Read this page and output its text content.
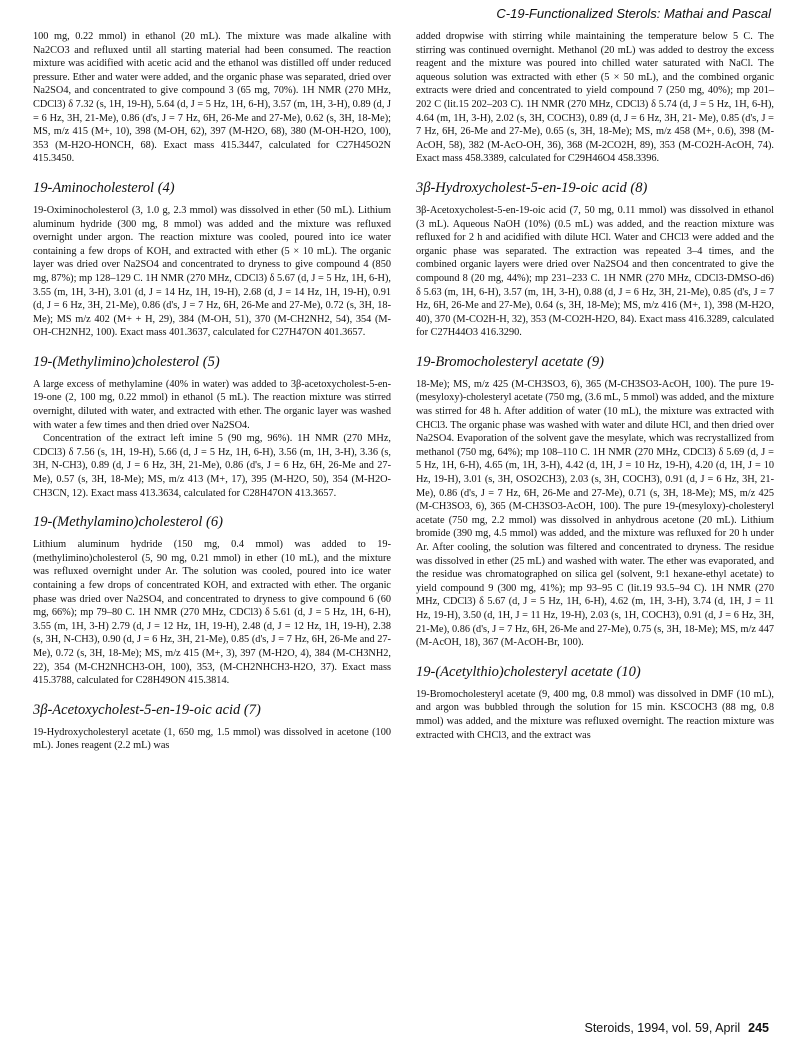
C-19-Functionalized Sterols: Mathai and Pascal

100 mg, 0.22 mmol) in ethanol (20 mL). The mixture was made alkaline with Na2CO3 and refluxed until all starting material had been consumed. The reaction mixture was acidified with acetic acid and the ethanol was distilled off under reduced pressure. Ether and water were added, and the organic phase was separated, dried over Na2SO4, and concentrated to give compound 3 (65 mg, 70%). 1H NMR (270 MHz, CDCl3) δ 7.32 (s, 1H, 19-H), 5.64 (d, J = 5 Hz, 1H, 6-H), 3.57 (m, 1H, 3-H), 0.89 (d, J = 6 Hz, 3H, 21-Me), 0.86 (d's, J = 7 Hz, 6H, 26-Me and 27-Me), 0.62 (s, 3H, 18-Me); MS, m/z 415 (M+, 10), 398 (M-OH, 62), 397 (M-H2O, 68), 380 (M-OH-H2O, 100), 353 (M-H2O-HONCH, 68). Exact mass 415.3447, calculated for C27H45O2N 415.3450.

19-Aminocholesterol (4)

19-Oximinocholesterol (3, 1.0 g, 2.3 mmol) was dissolved in ether (50 mL). Lithium aluminum hydride (300 mg, 8 mmol) was added and the mixture was refluxed overnight under argon. The reaction mixture was cooled, poured into ice water containing a few drops of KOH, and extracted with ether (5 × 10 mL). The organic layer was dried over Na2SO4 and concentrated to dryness to give compound 4 (850 mg, 87%); mp 128–129 C. 1H NMR (270 MHz, CDCl3) δ 5.67 (d, J = 5 Hz, 1H, 6-H), 3.55 (m, 1H, 3-H), 3.01 (d, J = 14 Hz, 1H, 19-H), 2.68 (d, J = 14 Hz, 1H, 19-H), 0.91 (d, J = 6 Hz, 3H, 21-Me), 0.86 (d's, J = 7 Hz, 6H, 26-Me and 27-Me), 0.72 (s, 3H, 18-Me); MS m/z 402 (M+ + H, 29), 384 (M-OH, 51), 370 (M-CH2NH2, 54), 354 (M-OH-CH2NH2, 100). Exact mass 401.3637, calculated for C27H47ON 401.3657.

19-(Methylimino)cholesterol (5)

A large excess of methylamine (40% in water) was added to 3β-acetoxycholest-5-en-19-one (2, 100 mg, 0.22 mmol) in ethanol (5 mL). The reaction mixture was stirred overnight, diluted with water, and extracted with ether. The organic layer was washed with water a few times and then dried over Na2SO4.

Concentration of the extract left imine 5 (90 mg, 96%). 1H NMR (270 MHz, CDCl3) δ 7.56 (s, 1H, 19-H), 5.66 (d, J = 5 Hz, 1H, 6-H), 3.56 (m, 1H, 3-H), 3.36 (s, 3H, N-CH3), 0.89 (d, J = 6 Hz, 3H, 21-Me), 0.86 (d's, J = 6 Hz, 6H, 26-Me and 27-Me), 0.57 (s, 3H, 18-Me); MS, m/z 413 (M+, 17), 395 (M-H2O, 50), 354 (M-H2O- CH3CN, 12). Exact mass 413.3634, calculated for C28H47ON 413.3657.

19-(Methylamino)cholesterol (6)

Lithium aluminum hydride (150 mg, 0.4 mmol) was added to 19-(methylimino)cholesterol (5, 90 mg, 0.21 mmol) in ether (10 mL), and the mixture was refluxed overnight under Ar. The solution was cooled, poured into ice water containing a few drops of concentrated KOH, and extracted with ether. The organic phase was dried over Na2SO4, and concentrated to dryness to give compound 6 (60 mg, 66%); mp 79–80 C. 1H NMR (270 MHz, CDCl3) δ 5.61 (d, J = 5 Hz, 1H, 6-H), 3.55 (m, 1H, 3-H) 2.79 (d, J = 12 Hz, 1H, 19-H), 2.48 (d, J = 12 Hz, 1H, 19-H), 2.38 (s, 3H, N-CH3), 0.90 (d, J = 6 Hz, 3H, 21-Me), 0.85 (d's, J = 7 Hz, 6H, 26-Me and 27-Me), 0.72 (s, 3H, 18-Me); MS, m/z 415 (M+, 3), 397 (M-H2O, 4), 384 (M-CH3NH2, 22), 354 (M-CH2NHCH3-OH, 100), 353, (M-CH2NHCH3-H2O, 37). Exact mass 415.3788, calculated for C28H49ON 415.3814.

3β-Acetoxycholest-5-en-19-oic acid (7)

19-Hydroxycholesteryl acetate (1, 650 mg, 1.5 mmol) was dissolved in acetone (100 mL). Jones reagent (2.2 mL) was

added dropwise with stirring while maintaining the temperature below 5 C. The stirring was continued overnight. Methanol (20 mL) was added to destroy the excess reagent and the mixture was poured into chilled water saturated with NaCl. The aqueous solution was extracted with ether (5 × 50 mL), and the combined organic extracts were dried and concentrated to yield compound 7 (250 mg, 40%); mp 201–202 C (lit.15 202–203 C). 1H NMR (270 MHz, CDCl3) δ 5.74 (d, J = 5 Hz, 1H, 6-H), 4.64 (m, 1H, 3-H), 2.02 (s, 3H, COCH3), 0.89 (d, J = 6 Hz, 3H, 21- Me), 0.85 (d's, J = 7 Hz, 6H, 26-Me and 27-Me), 0.65 (s, 3H, 18-Me); MS, m/z 458 (M+, 0.6), 398 (M-AcOH, 58), 382 (M-AcO-OH, 36), 368 (M-2CO2H, 89), 353 (M-CO2H-AcOH, 74). Exact mass 458.3389, calculated for C29H46O4 458.3396.

3β-Hydroxycholest-5-en-19-oic acid (8)

3β-Acetoxycholest-5-en-19-oic acid (7, 50 mg, 0.11 mmol) was dissolved in ethanol (3 mL). Aqueous NaOH (10%) (0.5 mL) was added, and the reaction mixture was refluxed for 2 h and acidified with dilute HCl. Water and CHCl3 were added and the organic phase was separated. The extraction was repeated 3–4 times, and the combined organic layers were dried over Na2SO4 and then concentrated to give the compound 8 (20 mg, 44%); mp 231–233 C. 1H NMR (270 MHz, CDCl3-DMSO-d6) δ 5.63 (m, 1H, 6-H), 3.57 (m, 1H, 3-H), 0.88 (d, J = 6 Hz, 3H, 21-Me), 0.85 (d's, J = 7 Hz, 6H, 26-Me and 27-Me), 0.64 (s, 3H, 18-Me); MS, m/z 416 (M+, 1), 398 (M-H2O, 40), 370 (M-CO2H-H, 32), 353 (M-CO2H-H2O, 84). Exact mass 416.3289, calculated for C27H44O3 416.3290.

19-Bromocholesteryl acetate (9)

18-Me); MS, m/z 425 (M-CH3SO3, 6), 365 (M-CH3SO3-AcOH, 100). The pure 19-(mesyloxy)-cholesteryl acetate (750 mg, (3.6 mL, 5 mmol) was added, and the mixture was stirred for 48 h. After addition of water (10 mL), the mixture was extracted with CHCl3. The organic phase was washed with water and dilute HCl, and then dried over Na2SO4. Evaporation of the solvent gave the mesylate, which was recrystallized from methanol (750 mg, 64%); mp 108–110 C. 1H NMR (270 MHz, CDCl3) δ 5.69 (d, J = 5 Hz, 1H, 6-H), 4.65 (m, 1H, 3-H), 4.42 (d, 1H, J = 10 Hz, 19-H), 4.20 (d, 1H, J = 10 Hz, 19-H), 3.01 (s, 3H, OSO2CH3), 2.03 (s, 3H, COCH3), 0.91 (d, J = 6 Hz, 3H, 21-Me), 0.86 (d's, J = 7 Hz, 6H, 26-Me and 27-Me), 0.71 (s, 3H, 18-Me); MS, m/z 425 (M-CH3SO3, 6), 365 (M-CH3SO3-AcOH, 100). The pure 19-(mesyloxy)-cholesteryl acetate (750 mg, 2.2 mmol) was dissolved in anhydrous acetone (20 mL). Lithium bromide (390 mg, 4.5 mmol) was added, and the mixture was refluxed for 20 h under Ar. After cooling, the solution was filtered and concentrated to dryness. The residue was dissolved in ether (25 mL) and washed with water. The ether was evaporated, and the residue was chromatographed on silica gel (solvent, 9:1 hexane-ethyl acetate) to yield compound 9 (300 mg, 41%); mp 93–95 C (lit.19 93.5–94 C). 1H NMR (270 MHz, CDCl3) δ 5.67 (d, J = 5 Hz, 1H, 6-H), 4.62 (m, 1H, 3-H), 3.74 (d, 1H, J = 11 Hz, 19-H), 3.50 (d, 1H, J = 11 Hz, 19-H), 2.03 (s, 1H, COCH3), 0.91 (d, J = 6 Hz, 3H, 21-Me), 0.86 (d's, J = 7 Hz, 6H, 26-Me and 27-Me), 0.75 (s, 3H, 18-Me); MS, m/z 447 (M-AcOH, 18), 367 (M-AcOH-Br, 100).

19-(Acetylthio)cholesteryl acetate (10)

19-Bromocholesteryl acetate (9, 400 mg, 0.8 mmol) was dissolved in DMF (10 mL), and argon was bubbled through the solution for 15 min. KSCOCH3 (88 mg, 0.8 mmol) was added, and the mixture was refluxed overnight. The reaction mixture was extracted with CHCl3, and the extract was

Steroids, 1994, vol. 59, April 245
